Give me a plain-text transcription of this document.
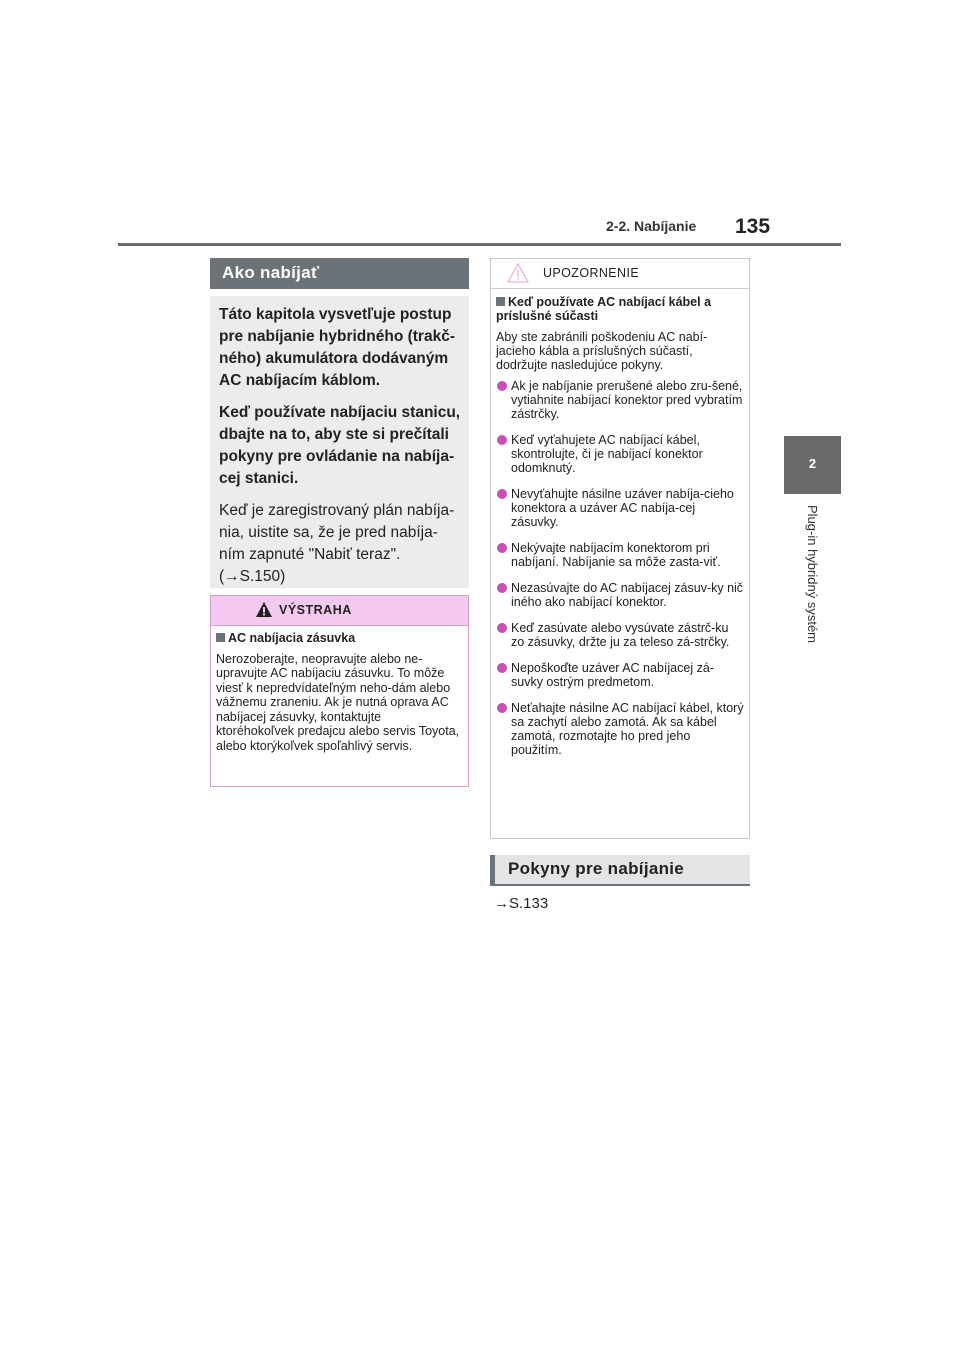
2-2. Nabíjanie 135
2
Plug-in hybridný systém
Ako nabíjať

Táto kapitola vysvetľuje postup pre nabíjanie hybridného (trakč-ného) akumulátora dodávaným AC nabíjacím káblom.

Keď používate nabíjaciu stanicu, dbajte na to, aby ste si prečítali pokyny pre ovládanie na nabíja-cej stanici.

Keď je zaregistrovaný plán nabíja-nia, uistite sa, že je pred nabíja-ním zapnuté "Nabiť teraz".

(→S.150)

VÝSTRAHA
AC nabíjacia zásuvka
Nerozoberajte, neopravujte alebo ne-upravujte AC nabíjaciu zásuvku. To môže viesť k nepredvídateľným neho-dám alebo vážnemu zraneniu. Ak je nutná oprava AC nabíjacej zásuvky, kontaktujte ktoréhokoľvek predajcu alebo servis Toyota, alebo ktorýkoľvek spoľahlivý servis.
UPOZORNENIE
Keď používate AC nabíjací kábel a príslušné súčasti
Aby ste zabránili poškodeniu AC nabí-jacieho kábla a príslušných súčastí, dodržujte nasledujúce pokyny.
Ak je nabíjanie prerušené alebo zru-šené, vytiahnite nabíjací konektor pred vybratím zástrčky.
Keď vyťahujete AC nabíjací kábel, skontrolujte, či je nabíjací konektor odomknutý.
Nevyťahujte násilne uzáver nabíja-cieho konektora a uzáver AC nabíja-cej zásuvky.
Nekývajte nabíjacím konektorom pri nabíjaní. Nabíjanie sa môže zasta-viť.
Nezasúvajte do AC nabíjacej zásuv-ky nič iného ako nabíjací konektor.
Keď zasúvate alebo vysúvate zástrč-ku zo zásuvky, držte ju za teleso zá-strčky.
Nepoškoďte uzáver AC nabíjacej zá-suvky ostrým predmetom.
Neťahajte násilne AC nabíjací kábel, ktorý sa zachytí alebo zamotá. Ak sa kábel zamotá, rozmotajte ho pred jeho použitím.
Pokyny pre nabíjanie
→S.133
